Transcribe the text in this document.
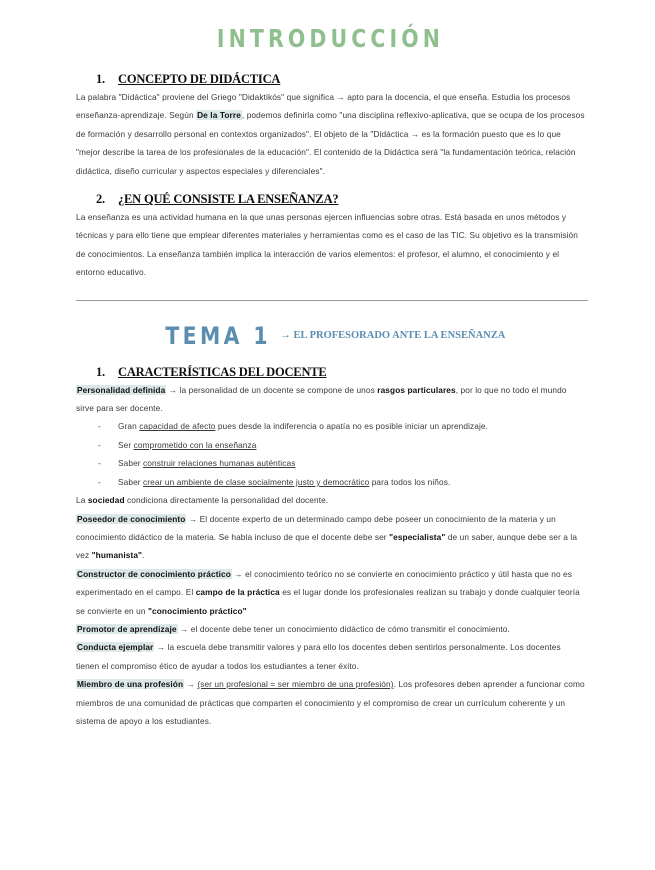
INTRODUCCIÓN
1. CONCEPTO DE DIDÁCTICA

La palabra "Didáctica" proviene del Griego "Didaktikós" que significa → apto para la docencia, el que enseña. Estudia los procesos enseñanza-aprendizaje. Según De la Torre, podemos definirla como "una disciplina reflexivo-aplicativa, que se ocupa de los procesos de formación y desarrollo personal en contextos organizados". El objeto de la "Didáctica → es la formación puesto que es lo que "mejor describe la tarea de los profesionales de la educación". El contenido de la Didáctica será "la fundamentación teórica, relación didáctica, diseño curricular y aspectos especiales y diferenciales".

2. ¿EN QUÉ CONSISTE LA ENSEÑANZA?

La enseñanza es una actividad humana en la que unas personas ejercen influencias sobre otras. Está basada en unos métodos y técnicas y para ello tiene que emplear diferentes materiales y herramientas como es el caso de las TIC. Su objetivo es la transmisión de conocimientos. La enseñanza también implica la interacción de varios elementos: el profesor, el alumno, el conocimiento y el entorno educativo.

TEMA 1 → EL PROFESORADO ANTE LA ENSEÑANZA
1. CARACTERÍSTICAS DEL DOCENTE

Personalidad definida → la personalidad de un docente se compone de unos rasgos particulares, por lo que no todo el mundo sirve para ser docente.

- Gran capacidad de afecto pues desde la indiferencia o apatía no es posible iniciar un aprendizaje.
- Ser comprometido con la enseñanza
- Saber construir relaciones humanas auténticas
- Saber crear un ambiente de clase socialmente justo y democrático para todos los niños.

La sociedad condiciona directamente la personalidad del docente.

Poseedor de conocimiento → El docente experto de un determinado campo debe poseer un conocimiento de la materia y un conocimiento didáctico de la materia. Se habla incluso de que el docente debe ser "especialista" de un saber, aunque debe ser a la vez "humanista".

Constructor de conocimiento práctico → el conocimiento teórico no se convierte en conocimiento práctico y útil hasta que no es experimentado en el campo. El campo de la práctica es el lugar donde los profesionales realizan su trabajo y donde cualquier teoría se convierte en un "conocimiento práctico"

Promotor de aprendizaje → el docente debe tener un conocimiento didáctico de cómo transmitir el conocimiento.

Conducta ejemplar → la escuela debe transmitir valores y para ello los docentes deben sentirlos personalmente. Los docentes tienen el compromiso ético de ayudar a todos los estudiantes a tener éxito.

Miembro de una profesión → (ser un profesional = ser miembro de una profesión). Los profesores deben aprender a funcionar como miembros de una comunidad de prácticas que comparten el conocimiento y el compromiso de crear un currículum coherente y un sistema de apoyo a los estudiantes.
